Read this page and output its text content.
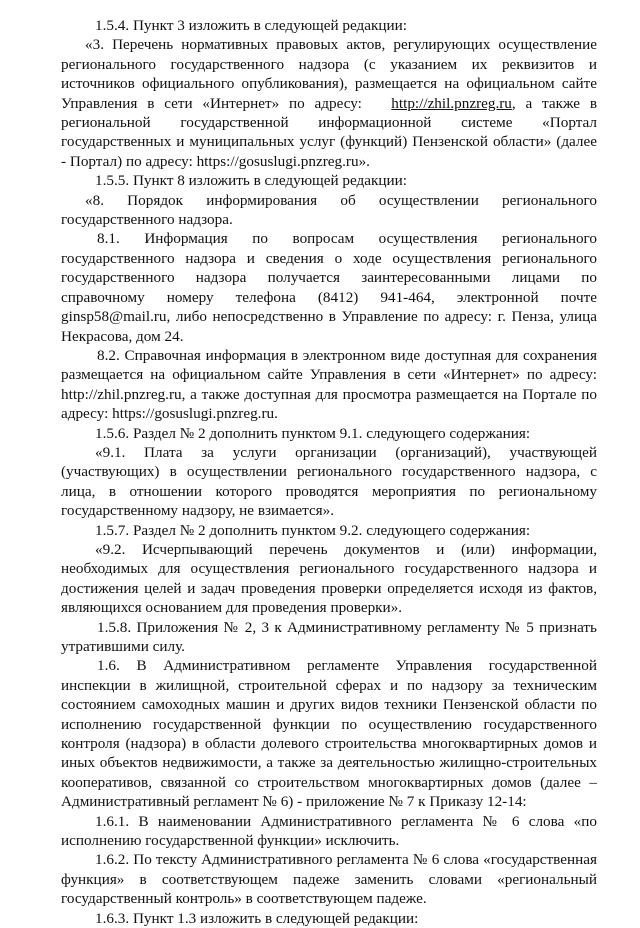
1.5.4. Пункт 3 изложить в следующей редакции:

«3. Перечень нормативных правовых актов, регулирующих осуществление регионального государственного надзора (с указанием их реквизитов и источников официального опубликования), размещается на официальном сайте Управления в сети «Интернет» по адресу: http://zhil.pnzreg.ru, а также в региональной государственной информационной системе «Портал государственных и муниципальных услуг (функций) Пензенской области» (далее - Портал) по адресу: https://gosuslugi.pnzreg.ru».

1.5.5. Пункт 8 изложить в следующей редакции:

«8. Порядок информирования об осуществлении регионального государственного надзора.

8.1. Информация по вопросам осуществления регионального государственного надзора и сведения о ходе осуществления регионального государственного надзора получается заинтересованными лицами по справочному номеру телефона (8412) 941-464, электронной почте ginsp58@mail.ru, либо непосредственно в Управление по адресу: г. Пенза, улица Некрасова, дом 24.

8.2. Справочная информация в электронном виде доступная для сохранения размещается на официальном сайте Управления в сети «Интернет» по адресу: http://zhil.pnzreg.ru, а также доступная для просмотра размещается на Портале по адресу: https://gosuslugi.pnzreg.ru.

1.5.6. Раздел № 2 дополнить пунктом 9.1. следующего содержания:

«9.1. Плата за услуги организации (организаций), участвующей (участвующих) в осуществлении регионального государственного надзора, с лица, в отношении которого проводятся мероприятия по региональному государственному надзору, не взимается».

1.5.7. Раздел № 2 дополнить пунктом 9.2. следующего содержания:

«9.2. Исчерпывающий перечень документов и (или) информации, необходимых для осуществления регионального государственного надзора и достижения целей и задач проведения проверки определяется исходя из фактов, являющихся основанием для проведения проверки».

1.5.8. Приложения № 2, 3 к Административному регламенту № 5 признать утратившими силу.

1.6. В Административном регламенте Управления государственной инспекции в жилищной, строительной сферах и по надзору за техническим состоянием самоходных машин и других видов техники Пензенской области по исполнению государственной функции по осуществлению государственного контроля (надзора) в области долевого строительства многоквартирных домов и иных объектов недвижимости, а также за деятельностью жилищно-строительных кооперативов, связанной со строительством многоквартирных домов (далее – Административный регламент № 6) - приложение № 7 к Приказу 12-14:

1.6.1. В наименовании Административного регламента № 6 слова «по исполнению государственной функции» исключить.

1.6.2. По тексту Административного регламента № 6 слова «государственная функция» в соответствующем падеже заменить словами «региональный государственный контроль» в соответствующем падеже.

1.6.3. Пункт 1.3 изложить в следующей редакции:
